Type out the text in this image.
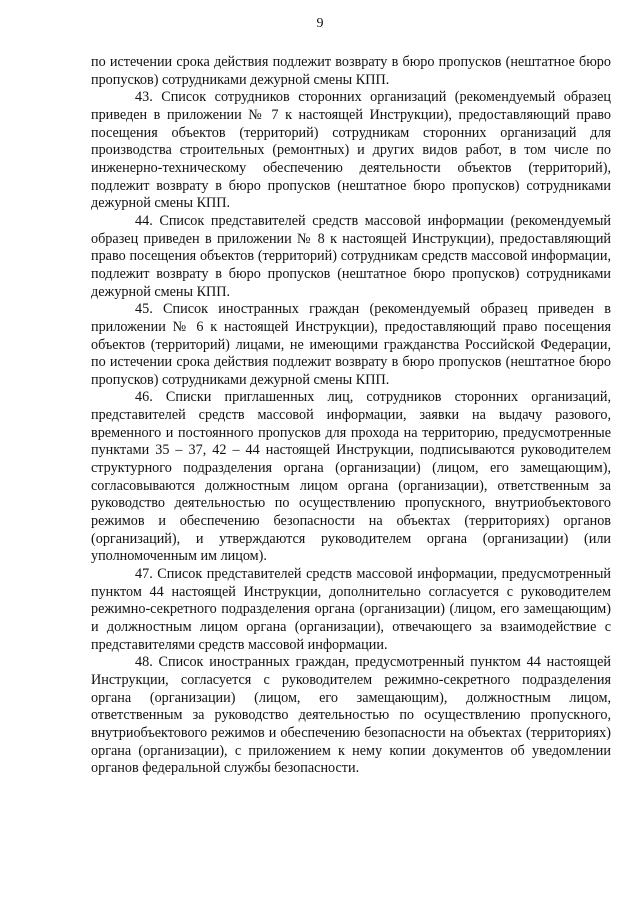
9

по истечении срока действия подлежит возврату в бюро пропусков (нештатное бюро пропусков) сотрудниками дежурной смены КПП.

43. Список сотрудников сторонних организаций (рекомендуемый образец приведен в приложении № 7 к настоящей Инструкции), предоставляющий право посещения объектов (территорий) сотрудникам сторонних организаций для производства строительных (ремонтных) и других видов работ, в том числе по инженерно-техническому обеспечению деятельности объектов (территорий), подлежит возврату в бюро пропусков (нештатное бюро пропусков) сотрудниками дежурной смены КПП.

44. Список представителей средств массовой информации (рекомендуемый образец приведен в приложении № 8 к настоящей Инструкции), предоставляющий право посещения объектов (территорий) сотрудникам средств массовой информации, подлежит возврату в бюро пропусков (нештатное бюро пропусков) сотрудниками дежурной смены КПП.

45. Список иностранных граждан (рекомендуемый образец приведен в приложении № 6 к настоящей Инструкции), предоставляющий право посещения объектов (территорий) лицами, не имеющими гражданства Российской Федерации, по истечении срока действия подлежит возврату в бюро пропусков (нештатное бюро пропусков) сотрудниками дежурной смены КПП.

46. Списки приглашенных лиц, сотрудников сторонних организаций, представителей средств массовой информации, заявки на выдачу разового, временного и постоянного пропусков для прохода на территорию, предусмотренные пунктами 35 – 37, 42 – 44 настоящей Инструкции, подписываются руководителем структурного подразделения органа (организации) (лицом, его замещающим), согласовываются должностным лицом органа (организации), ответственным за руководство деятельностью по осуществлению пропускного, внутриобъектового режимов и обеспечению безопасности на объектах (территориях) органов (организаций), и утверждаются руководителем органа (организации) (или уполномоченным им лицом).

47. Список представителей средств массовой информации, предусмотренный пунктом 44 настоящей Инструкции, дополнительно согласуется с руководителем режимно-секретного подразделения органа (организации) (лицом, его замещающим) и должностным лицом органа (организации), отвечающего за взаимодействие с представителями средств массовой информации.

48. Список иностранных граждан, предусмотренный пунктом 44 настоящей Инструкции, согласуется с руководителем режимно-секретного подразделения органа (организации) (лицом, его замещающим), должностным лицом, ответственным за руководство деятельностью по осуществлению пропускного, внутриобъектового режимов и обеспечению безопасности на объектах (территориях) органа (организации), с приложением к нему копии документов об уведомлении органов федеральной службы безопасности.
